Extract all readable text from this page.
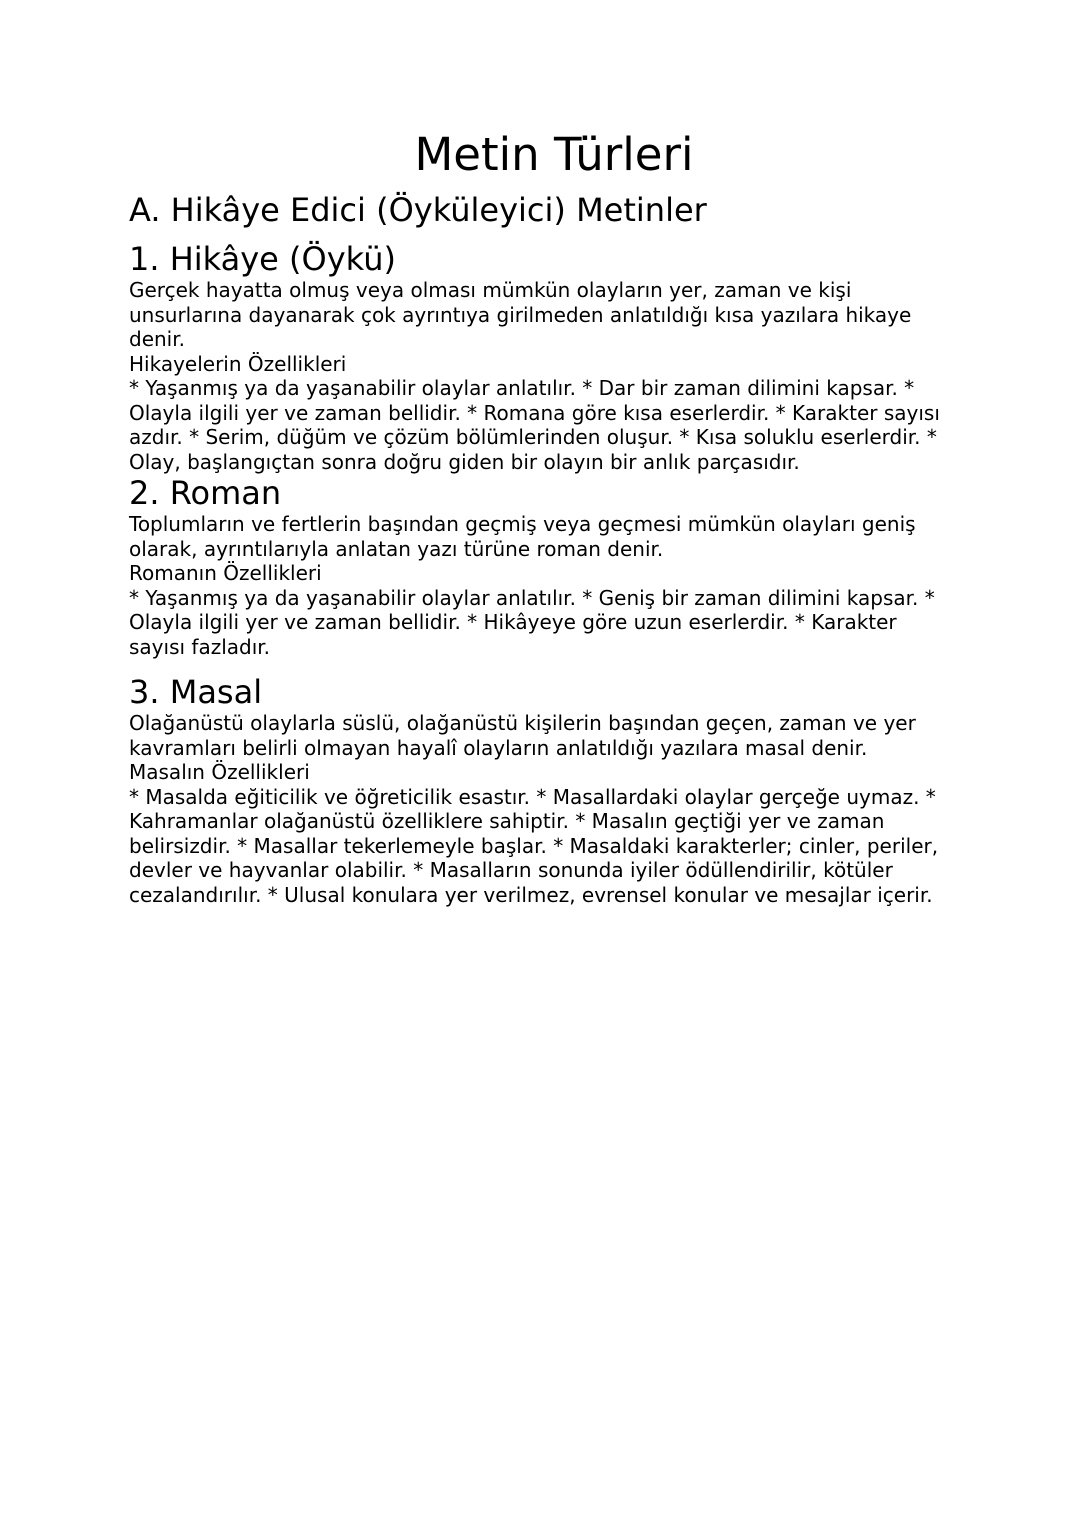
Metin Türleri
A. Hikâye Edici (Öyküleyici) Metinler
1. Hikâye (Öykü)

Gerçek hayatta olmuş veya olması mümkün olayların yer, zaman ve kişi unsurlarına dayanarak çok ayrıntıya girilmeden anlatıldığı kısa yazılara hikaye denir.

Hikayelerin Özellikleri

* Yaşanmış ya da yaşanabilir olaylar anlatılır. * Dar bir zaman dilimini kapsar. * Olayla ilgili yer ve zaman bellidir. * Romana göre kısa eserlerdir. * Karakter sayısı azdır. * Serim, düğüm ve çözüm bölümlerinden oluşur. * Kısa soluklu eserlerdir. * Olay, başlangıçtan sonra doğru giden bir olayın bir anlık parçasıdır.

2. Roman

Toplumların ve fertlerin başından geçmiş veya geçmesi mümkün olayları geniş olarak, ayrıntılarıyla anlatan yazı türüne roman denir.

Romanın Özellikleri

* Yaşanmış ya da yaşanabilir olaylar anlatılır. * Geniş bir zaman dilimini kapsar. * Olayla ilgili yer ve zaman bellidir. * Hikâyeye göre uzun eserlerdir. * Karakter sayısı fazladır.

3. Masal

Olağanüstü olaylarla süslü, olağanüstü kişilerin başından geçen, zaman ve yer kavramları belirli olmayan hayalî olayların anlatıldığı yazılara masal denir.

Masalın Özellikleri

* Masalda eğiticilik ve öğreticilik esastır. * Masallardaki olaylar gerçeğe uymaz. * Kahramanlar olağanüstü özelliklere sahiptir. * Masalın geçtiği yer ve zaman belirsizdir. * Masallar tekerlemeyle başlar. * Masaldaki karakterler; cinler, periler, devler ve hayvanlar olabilir. * Masalların sonunda iyiler ödüllendirilir, kötüler cezalandırılır. * Ulusal konulara yer verilmez, evrensel konular ve mesajlar içerir.
